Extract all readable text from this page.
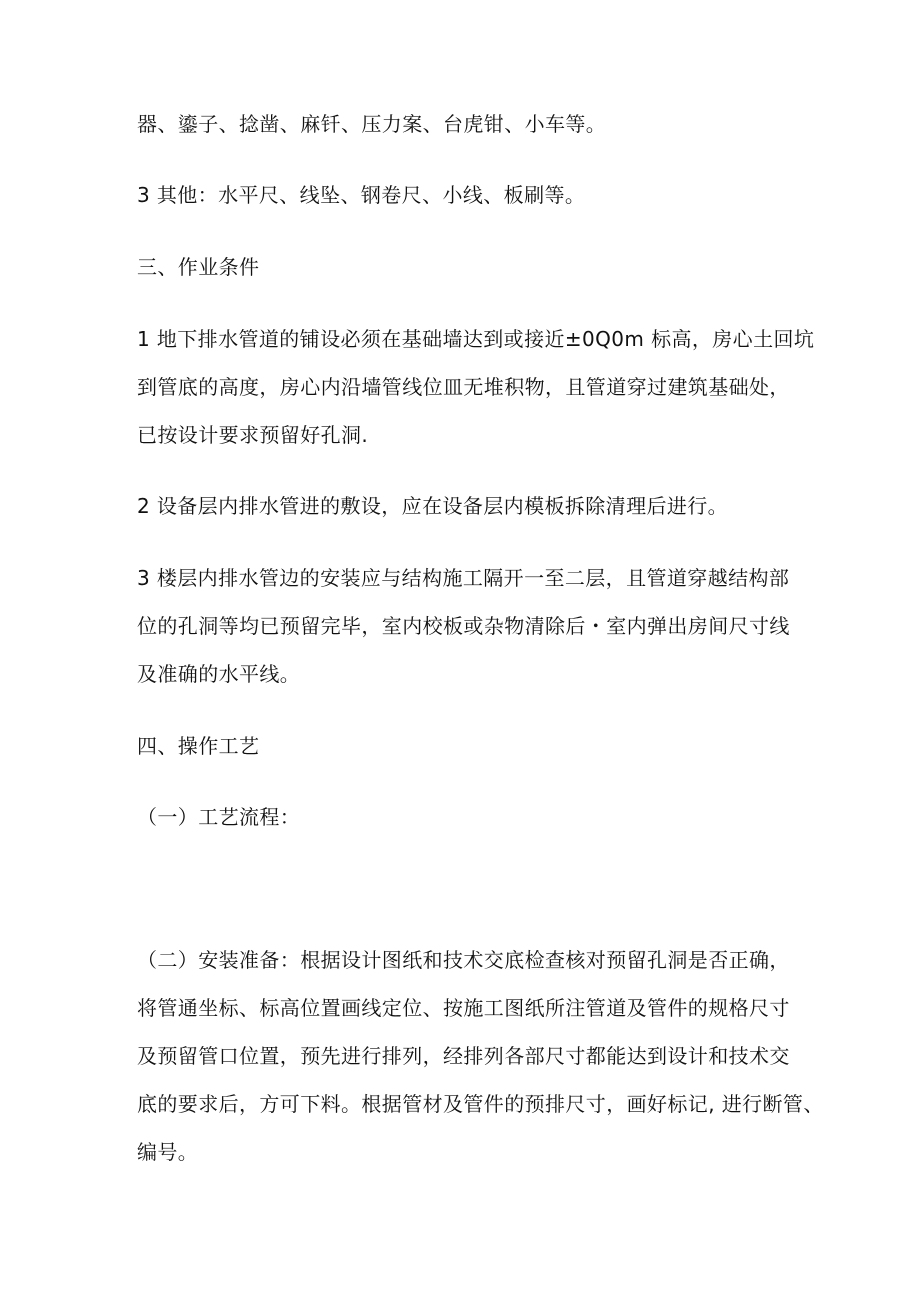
器、鎏子、捻凿、麻钎、压力案、台虎钳、小车等。
3 其他：水平尺、线坠、钢卷尺、小线、板刷等。
三、作业条件
1 地下排水管道的铺设必须在基础墙达到或接近±0Q0m 标高，房心土回坑
到管底的高度，房心内沿墙管线位皿无堆积物，且管道穿过建筑基础处，
已按设计要求预留好孔洞.
2 设备层内排水管进的敷设，应在设备层内模板拆除清理后进行。
3 楼层内排水管边的安装应与结构施工隔开一至二层，且管道穿越结构部
位的孔洞等均已预留完毕，室内校板或杂物清除后・室内弹出房间尺寸线
及准确的水平线。
四、操作工艺
（一）工艺流程：
（二）安装准备：根据设计图纸和技术交底检查核对预留孔洞是否正确，
将管通坐标、标高位置画线定位、按施工图纸所注管道及管件的规格尺寸
及预留管口位置，预先进行排列，经排列各部尺寸都能达到设计和技术交
底的要求后，方可下料。根据管材及管件的预排尺寸，画好标记, 进行断管、
编号。
